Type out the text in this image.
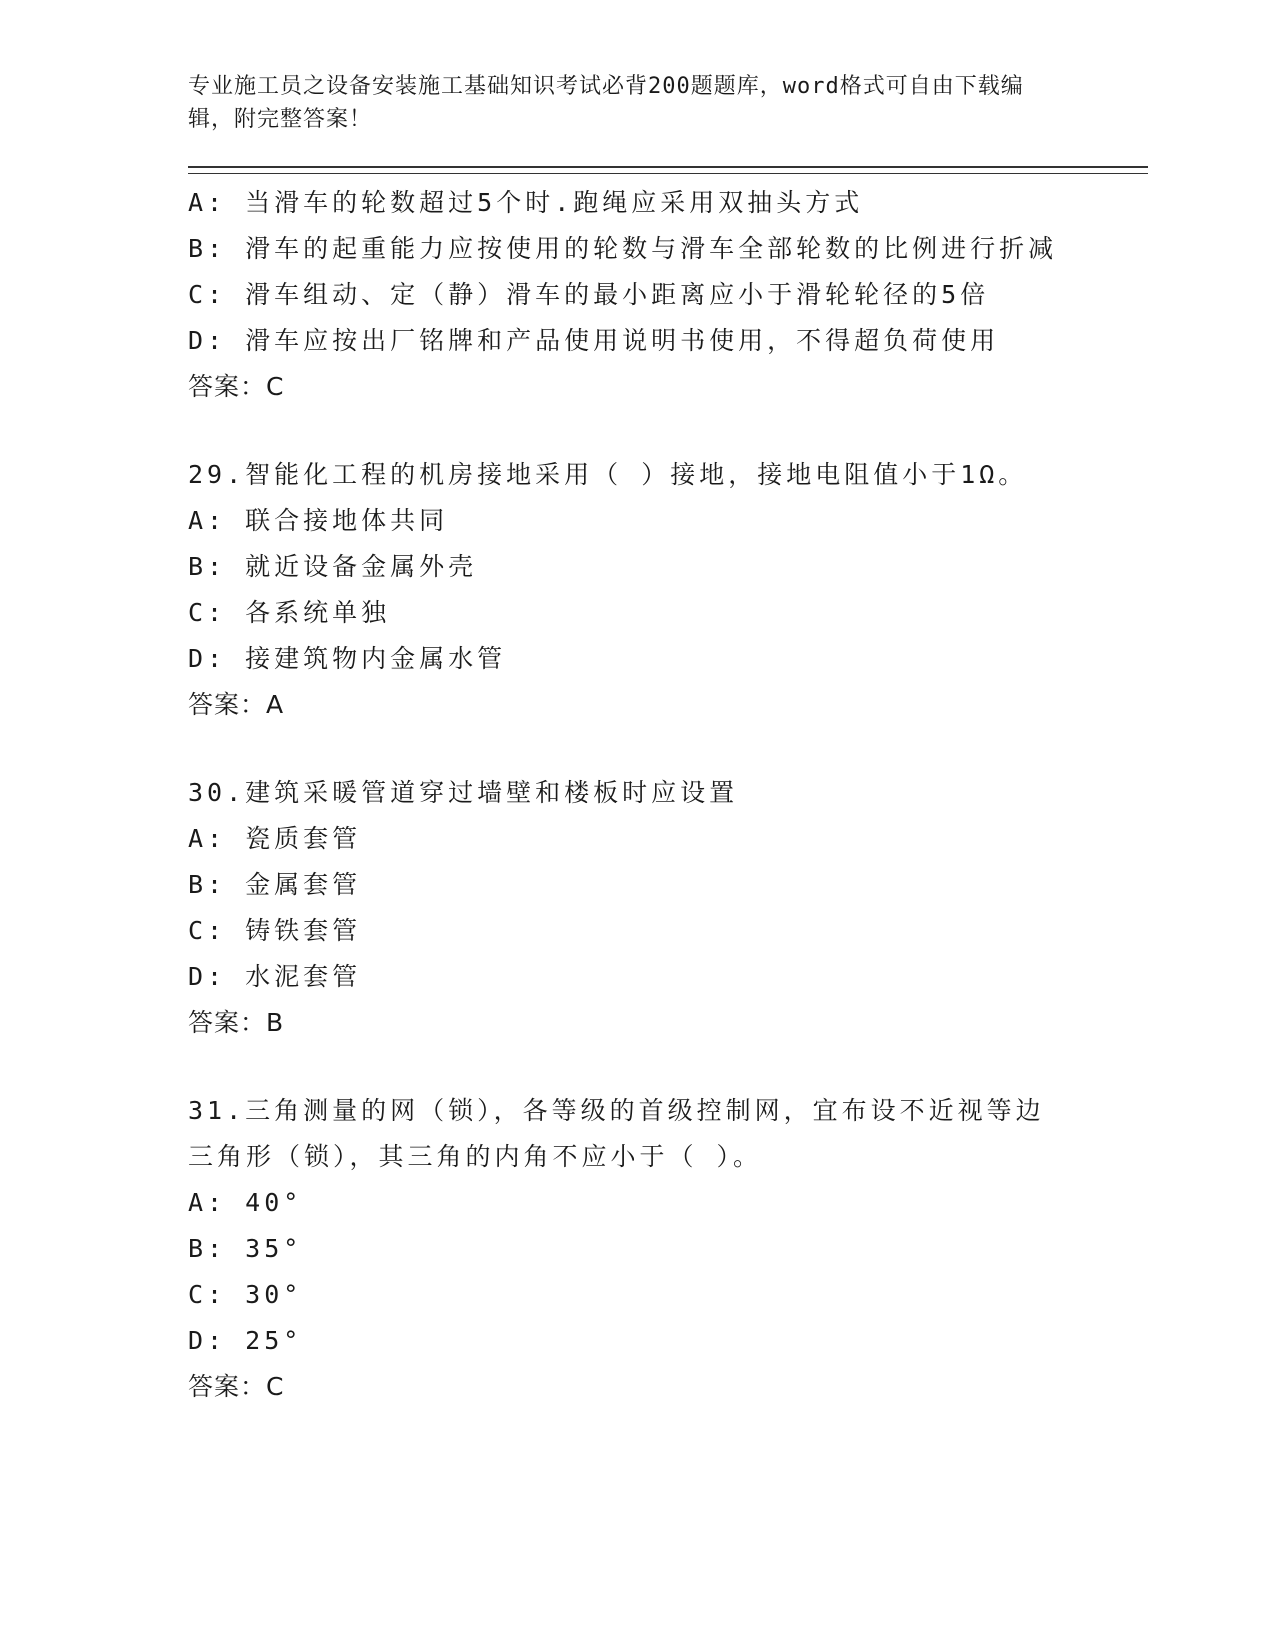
专业施工员之设备安装施工基础知识考试必背200题题库，word格式可自由下载编辑，附完整答案！

A: 当滑车的轮数超过5个时.跑绳应采用双抽头方式
B: 滑车的起重能力应按使用的轮数与滑车全部轮数的比例进行折减
C: 滑车组动、定（静）滑车的最小距离应小于滑轮轮径的5倍
D: 滑车应按出厂铭牌和产品使用说明书使用，不得超负荷使用
答案：C
29.智能化工程的机房接地采用（ ）接地，接地电阻值小于1Ω。
A: 联合接地体共同
B: 就近设备金属外壳
C: 各系统单独
D: 接建筑物内金属水管
答案：A
30.建筑采暖管道穿过墙壁和楼板时应设置
A: 瓷质套管
B: 金属套管
C: 铸铁套管
D: 水泥套管
答案：B
31.三角测量的网（锁），各等级的首级控制网，宜布设不近视等边三角形（锁），其三角的内角不应小于（ ）。
A: 40°
B: 35°
C: 30°
D: 25°
答案：C
